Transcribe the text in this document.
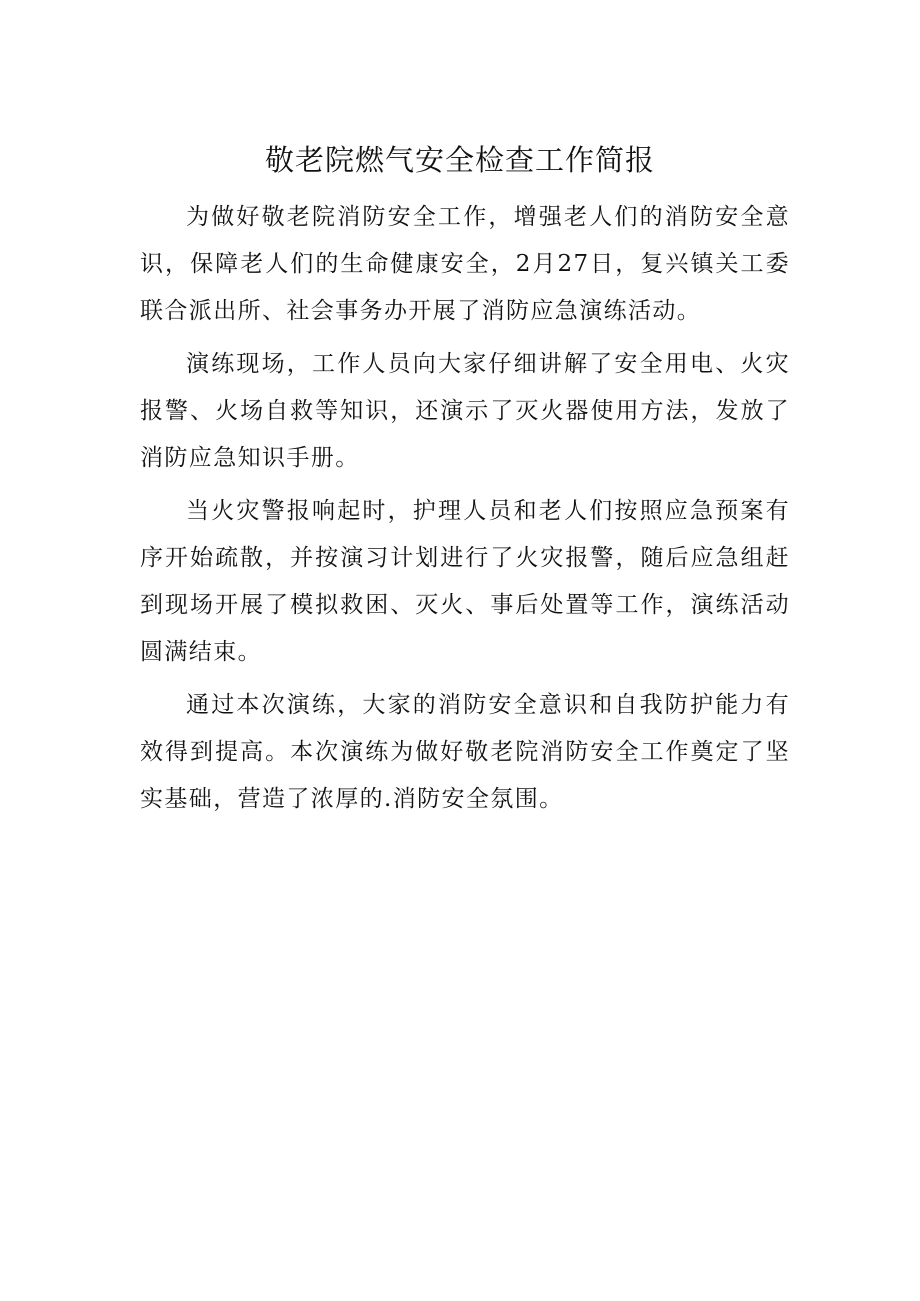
敬老院燃气安全检查工作简报

为做好敬老院消防安全工作，增强老人们的消防安全意识，保障老人们的生命健康安全，2月27日，复兴镇关工委联合派出所、社会事务办开展了消防应急演练活动。

演练现场，工作人员向大家仔细讲解了安全用电、火灾报警、火场自救等知识，还演示了灭火器使用方法，发放了消防应急知识手册。

当火灾警报响起时，护理人员和老人们按照应急预案有序开始疏散，并按演习计划进行了火灾报警，随后应急组赶到现场开展了模拟救困、灭火、事后处置等工作，演练活动圆满结束。

通过本次演练，大家的消防安全意识和自我防护能力有效得到提高。本次演练为做好敬老院消防安全工作奠定了坚实基础，营造了浓厚的.消防安全氛围。
